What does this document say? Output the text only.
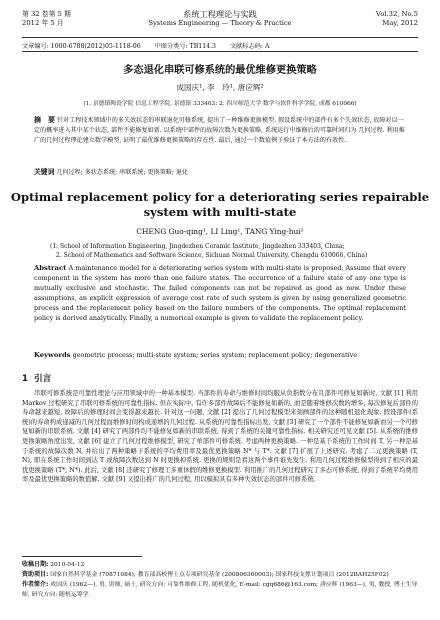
第 32 卷第 5 期
2012 年 5 月
系统工程理论与实践
Systems Engineering — Theory & Practice
Vol.32, No.5
May, 2012
文章编号: 1000-6788(2012)05-1118-06 中图分类号: TB114.3 文献标志码: A
多态退化串联可修系统的最优维修更换策略
成国庆¹, 李　玲¹, 唐应辉²
(1. 景德镇陶瓷学院 信息工程学院, 景德镇 333403; 2. 四川师范大学 数学与软件科学学院, 成都 610066)
摘　要 针对工程技术领域中的多失效状态的串联退化可修系统, 提出了一种维修更换模型. 假设系统中的部件有多个失效状态, 故障对以一定的概率进入其中某个状态, 部件不能修复如新. 以系统中部件的故障次数为更换策略, 系统运行中维修后的可靠时间归为 几何过程. 利用推广的几何过程理论建立数学模型, 证明了最优维修更换策略的存在性. 最后, 通过一个数值例子验证了本方法的有效性.
关键词 几何过程; 多状态系统; 串联系统; 更换策略; 退化
Optimal replacement policy for a deteriorating series repairable
system with multi-state
CHENG Guo-qing¹, LI Ling¹, TANG Ying-hui²
(1. School of Information Engineering, Jingdezhen Ceramic Institute, Jingdezhen 333403, China;
2. School of Mathematics and Software Science, Sichuan Normal University, Chengdu 610066, China)
Abstract A maintenance model for a deteriorating series system with multi-state is proposed. Assume that every component in the system has more than one failure states. The occurrence of a failure state of any one type is mutually exclusive and stochastic. The failed components can not be repaired as good as new. Under these assumptions, an explicit expression of average cost rate of such system is given by using generalized geometric process and the replacement policy based on the failure numbers of the components. The optimal replacement policy is derived analytically. Finally, a numerical example is given to validate the replacement policy.
Keywords geometric process; multi-state system; series system; replacement policy; degenerative
1 引言

串联可修系统是可靠性理论与应用领域中的一种基本模型. 当部件的寿命与维修时间均服从负指数分布且部件可修复如新时, 文献 [1] 利用 Markov 过程研究了串联可修系统的可靠性指标. 但在实际中, 有许多部件故障后不能修复如新的, 而是随着维修次数的增多, 每次修复后部件的寿命越来越短, 故障后的修理时间会变得越来越长. 针对这一问题, 文献 [2] 提出了几何过程模型来刻画部件的这种随机退化现象. 假设部件(系统)的寿命构成递减的几何过程而维修时间构成递增的几何过程. 从系统的可靠性指标出发, 文献 [3] 研究了一个部件不能修复如新而另一个可修复如新的串联系统. 文献 [4] 研究了两部件均不能修复如新的串联系统, 得到了系统的关键可靠性指标. 相关研究还可见文献 [5]. 从系统的维修更换策略角度出发, 文献 [6] 建立了几何过程维修模型, 研究了单部件可修系统. 考虑两种更换策略. 一种是基于系统的工作时间 T, 另一种是基于系统的故障次数 N, 并给出了两种策略下系统的平均费用率及最优更换策略 N* 与 T*. 文献 [7] 扩展了上述研究. 考虑了二元更换策略 (T, N), 即在系统工作时间到达 T 或故障次数达到 N 时更换掉系统. 更换的规则是看这两个事件谁先发生. 利用几何过程维修模型得到了相应的最优更换策略 (T*, N*). 此后, 文献 [8] 还研究了修理工多重休假的维修更换模型. 利用推广的几何过程研究了多态可修系统, 得到了系统平均费用率及最优更换策略的数值解. 文献 [9] 又提出推广的几何过程, 用以模拟具有多种失效状态的部件可修系统.

收稿日期: 2010-04-12
资助项目: 国家自然科学基金 (70871084); 教育部高校博士点专项研究基金 (200806360003); 国家科技支撑计划项目 (2012BAH25F02)
作者简介: 成国庆 (1962—), 男, 讲师, 硕士, 研究方向: 可靠性维修工程, 随机优化, E-mail: cgq686@163.com; 唐应辉 (1963—), 男, 教授, 博士生导师, 研究方向: 随机运筹学.
